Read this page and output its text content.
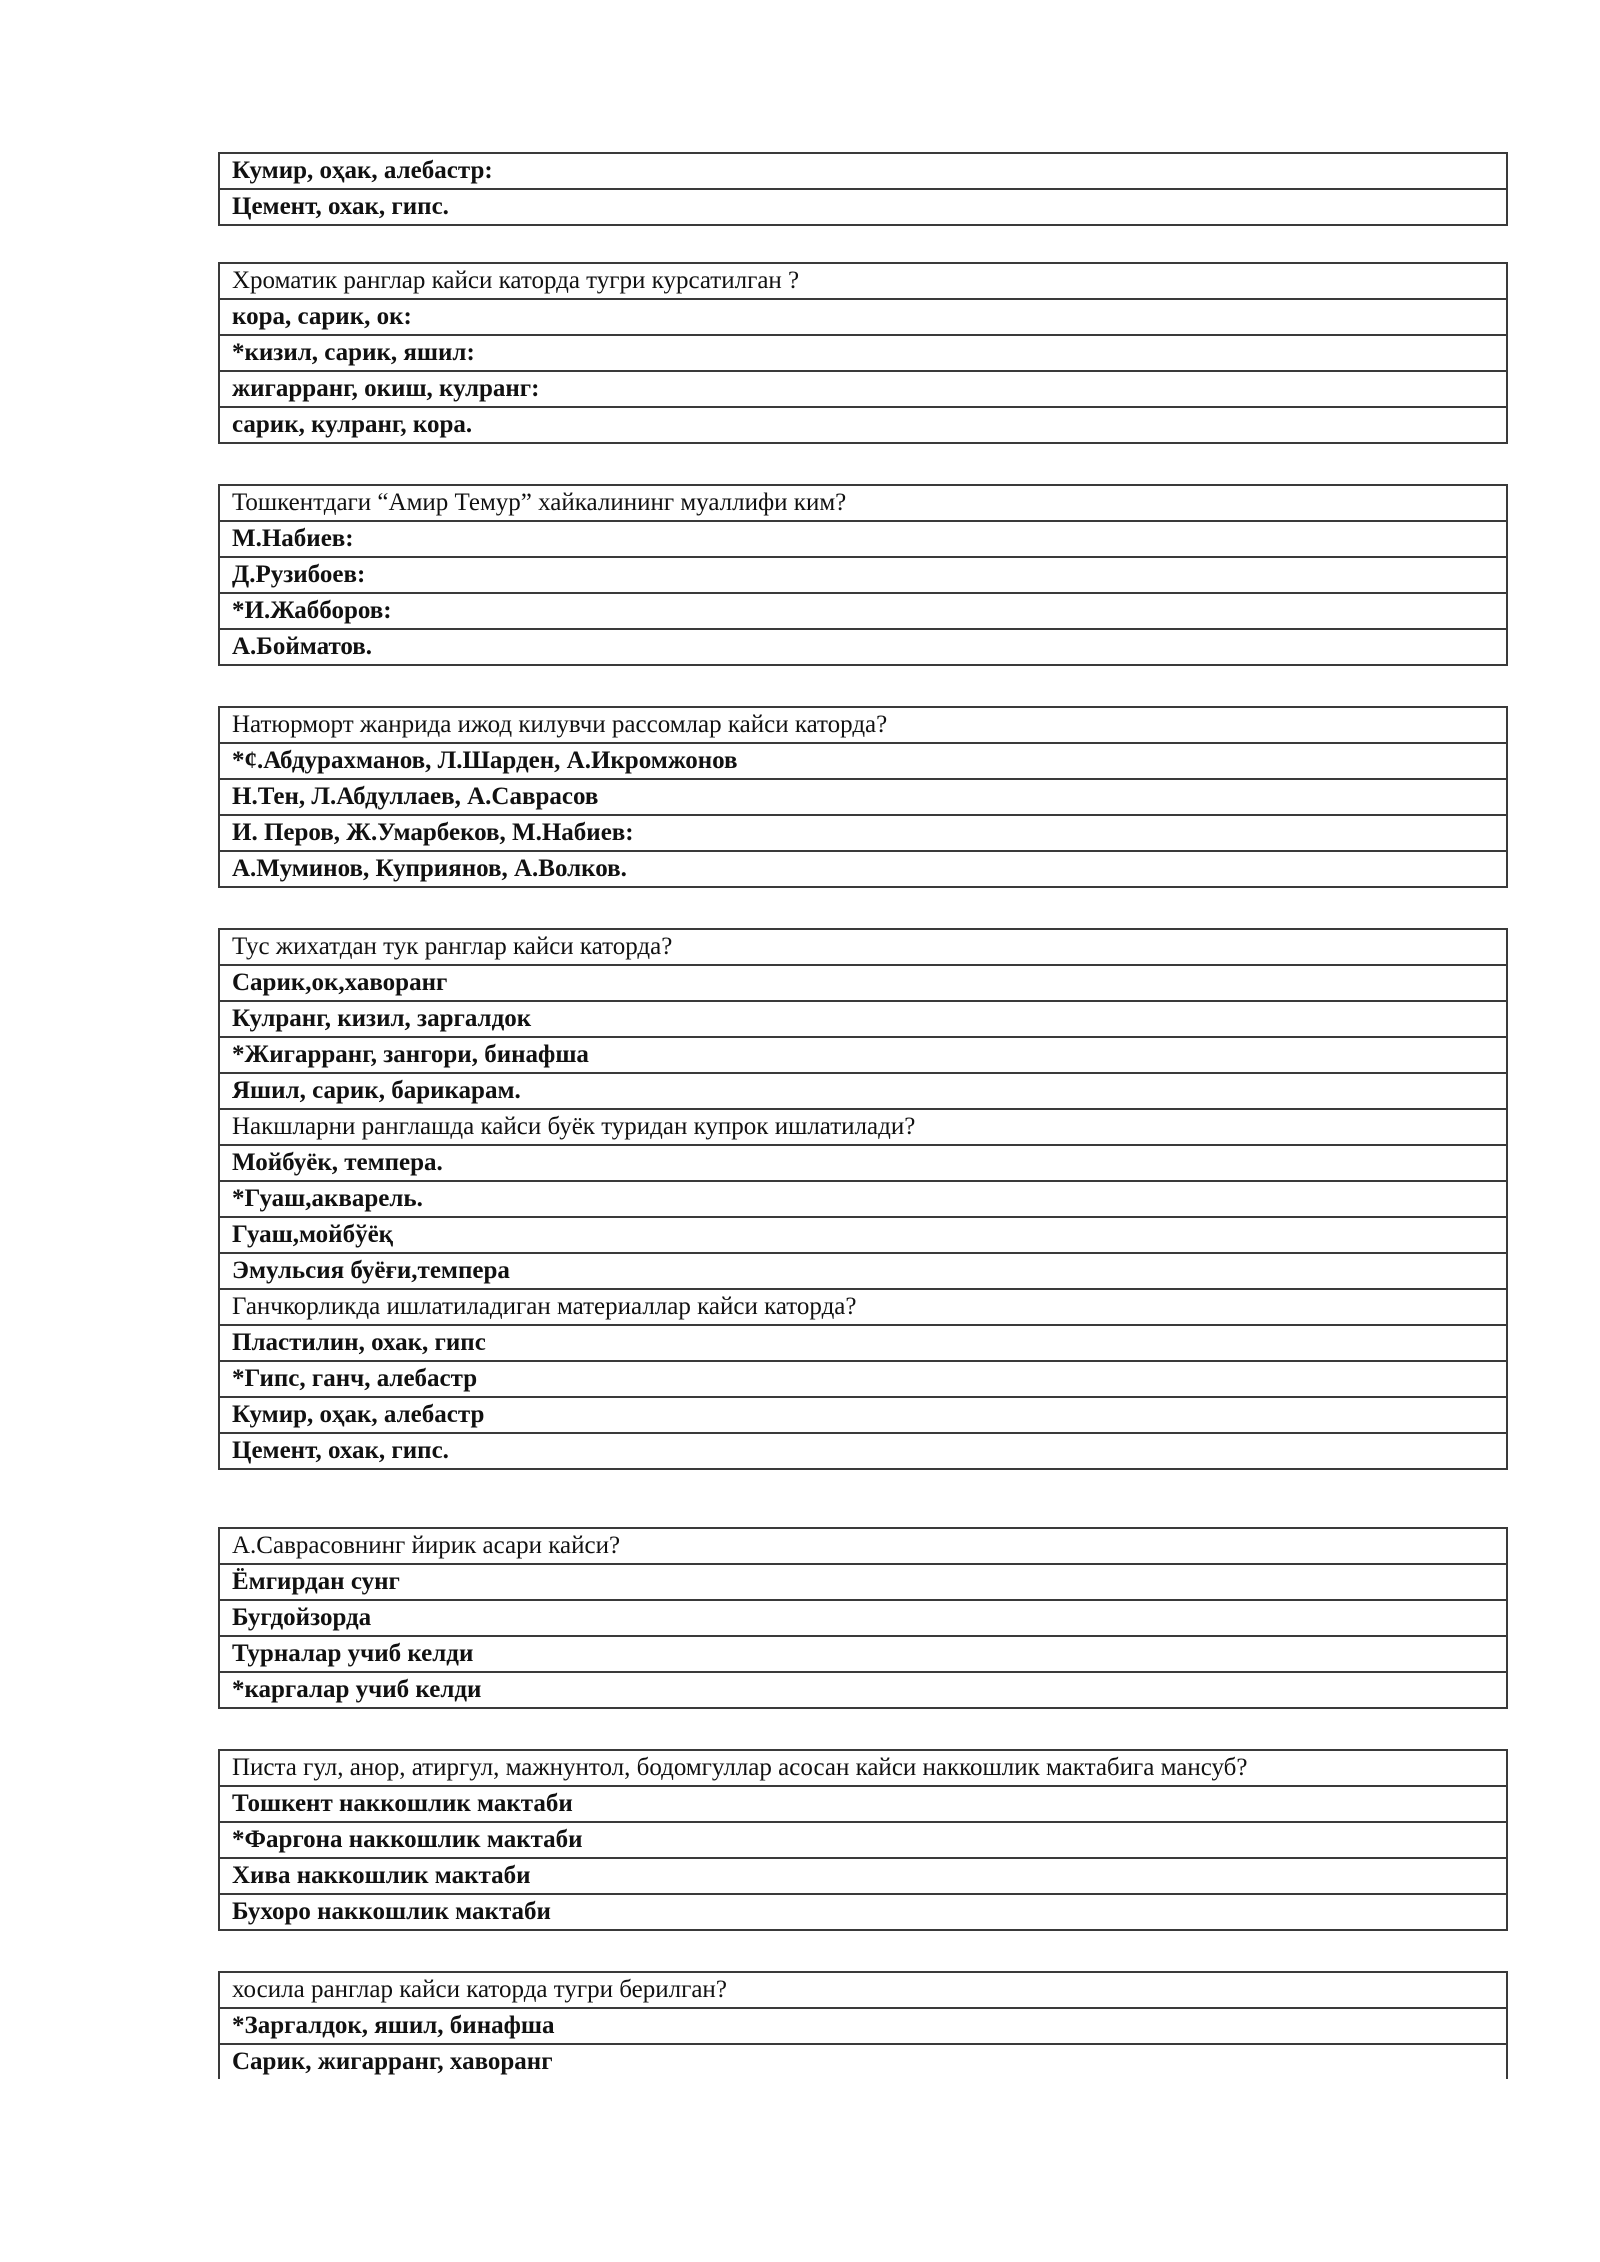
Кумир, оҳак, алебастр:
Цемент, охак, гипс.
Хроматик ранглар кайси каторда тугри курсатилган ?
кора, сарик, ок:
*кизил, сарик, яшил:
жигарранг, окиш, кулранг:
сарик, кулранг, кора.
Тошкентдаги “Амир Темур” хайкалининг муаллифи ким?
М.Набиев:
Д.Рузибоев:
*И.Жабборов:
А.Бойматов.
Натюрморт жанрида ижод килувчи рассомлар кайси каторда?
*¢.Абдурахманов, Л.Шарден, А.Икромжонов
Н.Тен, Л.Абдуллаев, А.Саврасов
И. Перов, Ж.Умарбеков, М.Набиев:
А.Муминов, Куприянов, А.Волков.
Тус жихатдан тук ранглар кайси каторда?
Сарик,ок,хаворанг
Кулранг, кизил, заргалдок
*Жигарранг, зангори, бинафша
Яшил, сарик, барикарам.
Накшларни ранглашда кайси буёк туридан купрок ишлатилади?
Мойбуёк, темпера.
*Гуаш,акварель.
Гуаш,мойбўёқ
Эмульсия буёғи,темпера
Ганчкорликда ишлатиладиган материаллар кайси каторда?
Пластилин, охак, гипс
*Гипс, ганч, алебастр
Кумир, оҳак, алебастр
Цемент, охак, гипс.
А.Саврасовнинг йирик асари кайси?
Ёмгирдан сунг
Бугдойзорда
Турналар учиб келди
*каргалар учиб келди
Писта гул, анор, атиргул, мажнунтол, бодомгуллар асосан кайси наккошлик мактабига мансуб?
Тошкент наккошлик мактаби
*Фаргона наккошлик мактаби
Хива наккошлик мактаби
Бухоро наккошлик мактаби
хосила ранглар кайси каторда тугри берилган?
*Заргалдок, яшил, бинафша
Сарик, жигарранг, хаворанг
